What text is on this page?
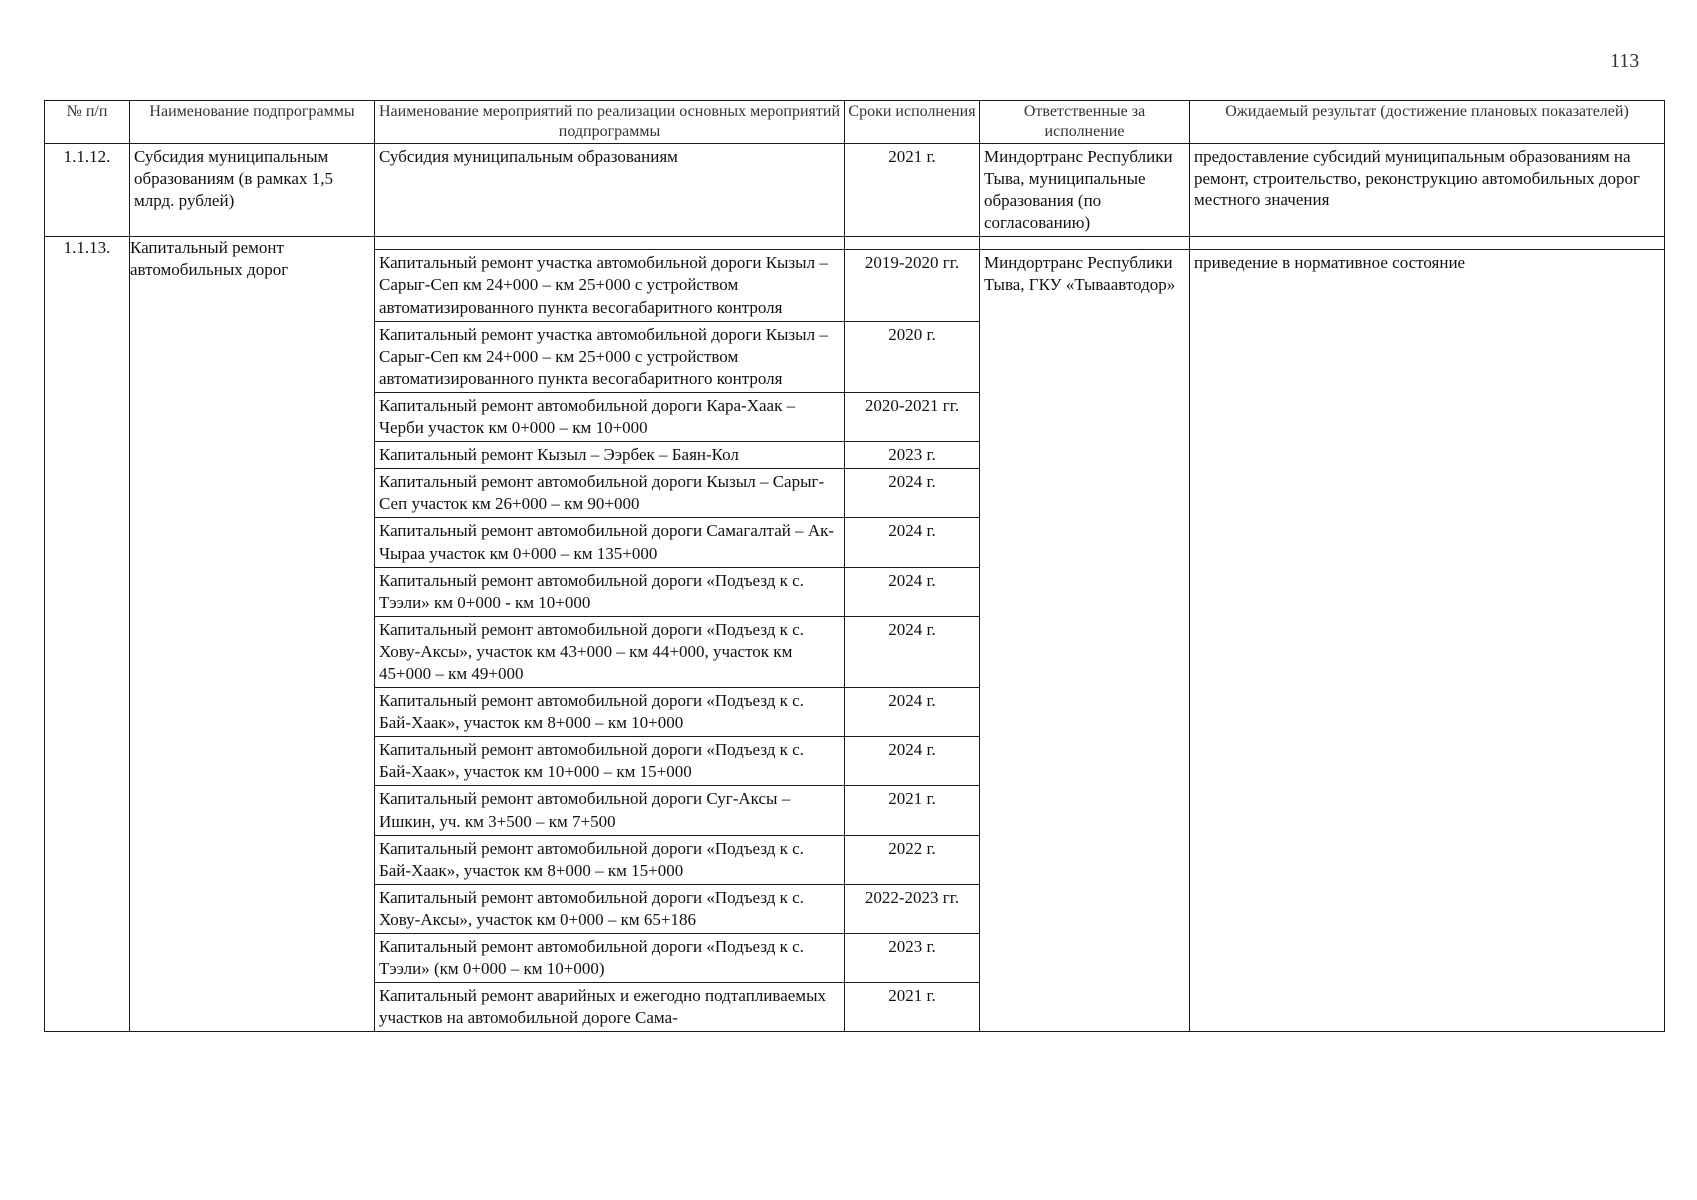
113
№ п/п	Наименование подпрограммы	Наименование мероприятий по реализации основных мероприятий подпрограммы	Сроки исполнения	Ответственные за исполнение	Ожидаемый результат (достижение плановых показателей)
1.1.12.	Субсидия муниципальным образованиям (в рамках 1,5 млрд. рублей)	Субсидия муниципальным образованиям	2021 г.	Миндортранс Республики Тыва, муниципальные образования (по согласованию)	предоставление субсидий муниципальным образованиям на ремонт, строительство, реконструкцию автомобильных дорог местного значения
1.1.13.	Капитальный ремонт автомобильных дорог				
		Капитальный ремонт участка автомобильной дороги Кызыл – Сарыг-Сеп км 24+000 – км 25+000 с устройством автоматизированного пункта весогабаритного контроля	2019-2020 гг.	Миндортранс Республики Тыва, ГКУ «Тываавтодор»	приведение в нормативное состояние
		Капитальный ремонт участка автомобильной дороги Кызыл – Сарыг-Сеп км 24+000 – км 25+000 с устройством автоматизированного пункта весогабаритного контроля	2020 г.		
		Капитальный ремонт автомобильной дороги Кара-Хаак – Черби участок км 0+000 – км 10+000	2020-2021 гг.		
		Капитальный ремонт Кызыл – Ээрбек – Баян-Кол	2023 г.		
		Капитальный ремонт автомобильной дороги Кызыл – Сарыг-Сеп участок км 26+000 – км 90+000	2024 г.		
		Капитальный ремонт автомобильной дороги Самагалтай – Ак-Чыраа участок км 0+000 – км 135+000	2024 г.		
		Капитальный ремонт автомобильной дороги «Подъезд к с. Тээли» км 0+000 - км 10+000	2024 г.		
		Капитальный ремонт автомобильной дороги «Подъезд к с. Хову-Аксы», участок км 43+000 – км 44+000, участок км 45+000 – км 49+000	2024 г.		
		Капитальный ремонт автомобильной дороги «Подъезд к с. Бай-Хаак», участок км 8+000 – км 10+000	2024 г.		
		Капитальный ремонт автомобильной дороги «Подъезд к с. Бай-Хаак», участок км 10+000 – км 15+000	2024 г.		
		Капитальный ремонт автомобильной дороги Суг-Аксы – Ишкин, уч. км 3+500 – км 7+500	2021 г.		
		Капитальный ремонт автомобильной дороги «Подъезд к с. Бай-Хаак», участок км 8+000 – км 15+000	2022 г.		
		Капитальный ремонт автомобильной дороги «Подъезд к с. Хову-Аксы», участок км 0+000 – км 65+186	2022-2023 гг.		
		Капитальный ремонт автомобильной дороги «Подъезд к с. Тээли» (км 0+000 – км 10+000)	2023 г.		
		Капитальный ремонт аварийных и ежегодно подтапливаемых участков на автомобильной дороге Сама-	2021 г.		
